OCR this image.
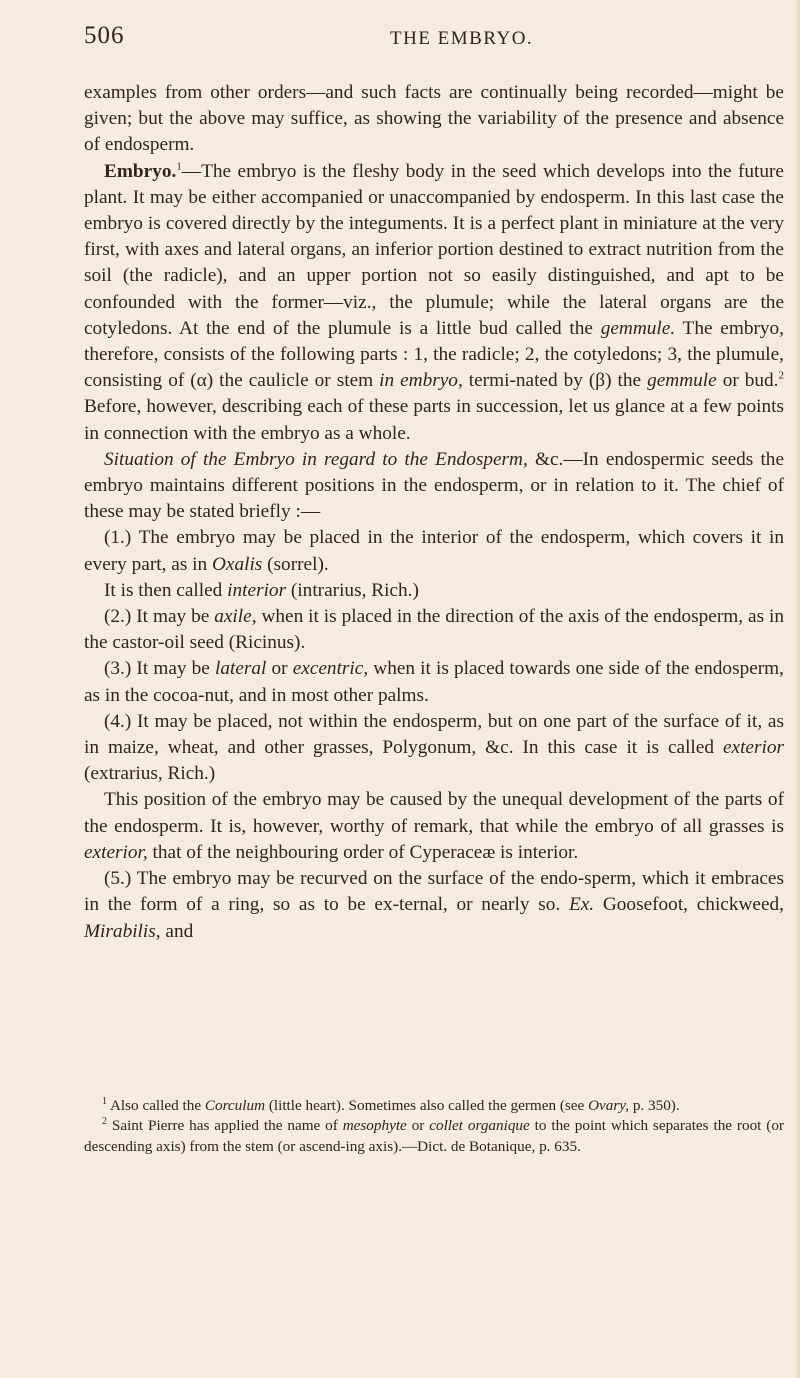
506	THE EMBRYO.

examples from other orders—and such facts are continually being recorded—might be given; but the above may suffice, as showing the variability of the presence and absence of endosperm.

Embryo.$^1$—The embryo is the fleshy body in the seed which develops into the future plant. It may be either accompanied or unaccompanied by endosperm. In this last case the embryo is covered directly by the integuments. It is a perfect plant in miniature at the very first, with axes and lateral organs, an inferior portion destined to extract nutrition from the soil (the radicle), and an upper portion not so easily distinguished, and apt to be confounded with the former—viz., the plumule; while the lateral organs are the cotyledons. At the end of the plumule is a little bud called the gemmule. The embryo, therefore, consists of the following parts : 1, the radicle; 2, the cotyledons; 3, the plumule, consisting of (α) the caulicle or stem in embryo, termi-nated by (β) the gemmule or bud.$^2$ Before, however, describing each of these parts in succession, let us glance at a few points in connection with the embryo as a whole.

Situation of the Embryo in regard to the Endosperm, &c.—In endospermic seeds the embryo maintains different positions in the endosperm, or in relation to it. The chief of these may be stated briefly :—

(1.) The embryo may be placed in the interior of the endosperm, which covers it in every part, as in Oxalis (sorrel).

It is then called interior (intrarius, Rich.)

(2.) It may be axile, when it is placed in the direction of the axis of the endosperm, as in the castor-oil seed (Ricinus).

(3.) It may be lateral or excentric, when it is placed towards one side of the endosperm, as in the cocoa-nut, and in most other palms.

(4.) It may be placed, not within the endosperm, but on one part of the surface of it, as in maize, wheat, and other grasses, Polygonum, &c. In this case it is called exterior (extrarius, Rich.)

This position of the embryo may be caused by the unequal development of the parts of the endosperm. It is, however, worthy of remark, that while the embryo of all grasses is exterior, that of the neighbouring order of Cyperaceæ is interior.

(5.) The embryo may be recurved on the surface of the endo-sperm, which it embraces in the form of a ring, so as to be ex-ternal, or nearly so. Ex. Goosefoot, chickweed, Mirabilis, and

$^1$ Also called the Corculum (little heart). Sometimes also called the germen (see Ovary, p. 350).

$^2$ Saint Pierre has applied the name of mesophyte or collet organique to the point which separates the root (or descending axis) from the stem (or ascend-ing axis).—Dict. de Botanique, p. 635.
